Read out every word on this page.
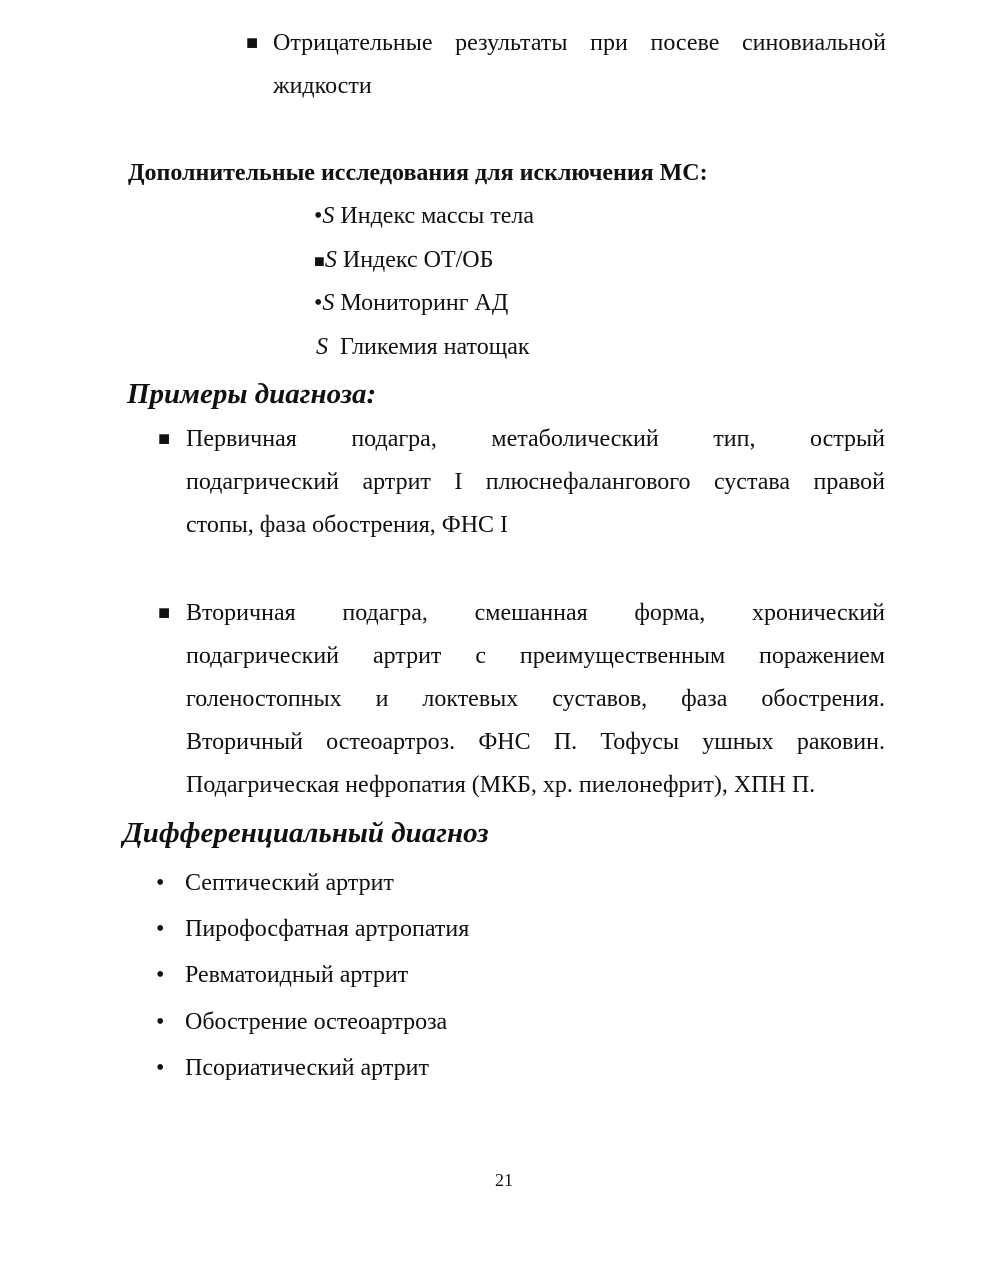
■ Отрицательные результаты при посеве синовиальной
жидкости
Дополнительные исследования для исключения МС:
•S Индекс массы тела
■S Индекс ОТ/ОБ
•S Мониторинг АД
S Гликемия натощак
Примеры диагноза:
■ Первичная подагра, метаболический тип, острый
подагрический артрит I плюснефалангового сустава правой
стопы, фаза обострения, ФНС I
■ Вторичная подагра, смешанная форма, хронический
подагрический артрит с преимущественным поражением
голеностопных и локтевых суставов, фаза обострения.
Вторичный остеоартроз. ФНС П. Тофусы ушных раковин.
Подагрическая нефропатия (МКБ, хр. пиелонефрит), ХПН П.
Дифференциальный диагноз
• Септический артрит
• Пирофосфатная артропатия
• Ревматоидный артрит
• Обострение остеоартроза
• Псориатический артрит
21
